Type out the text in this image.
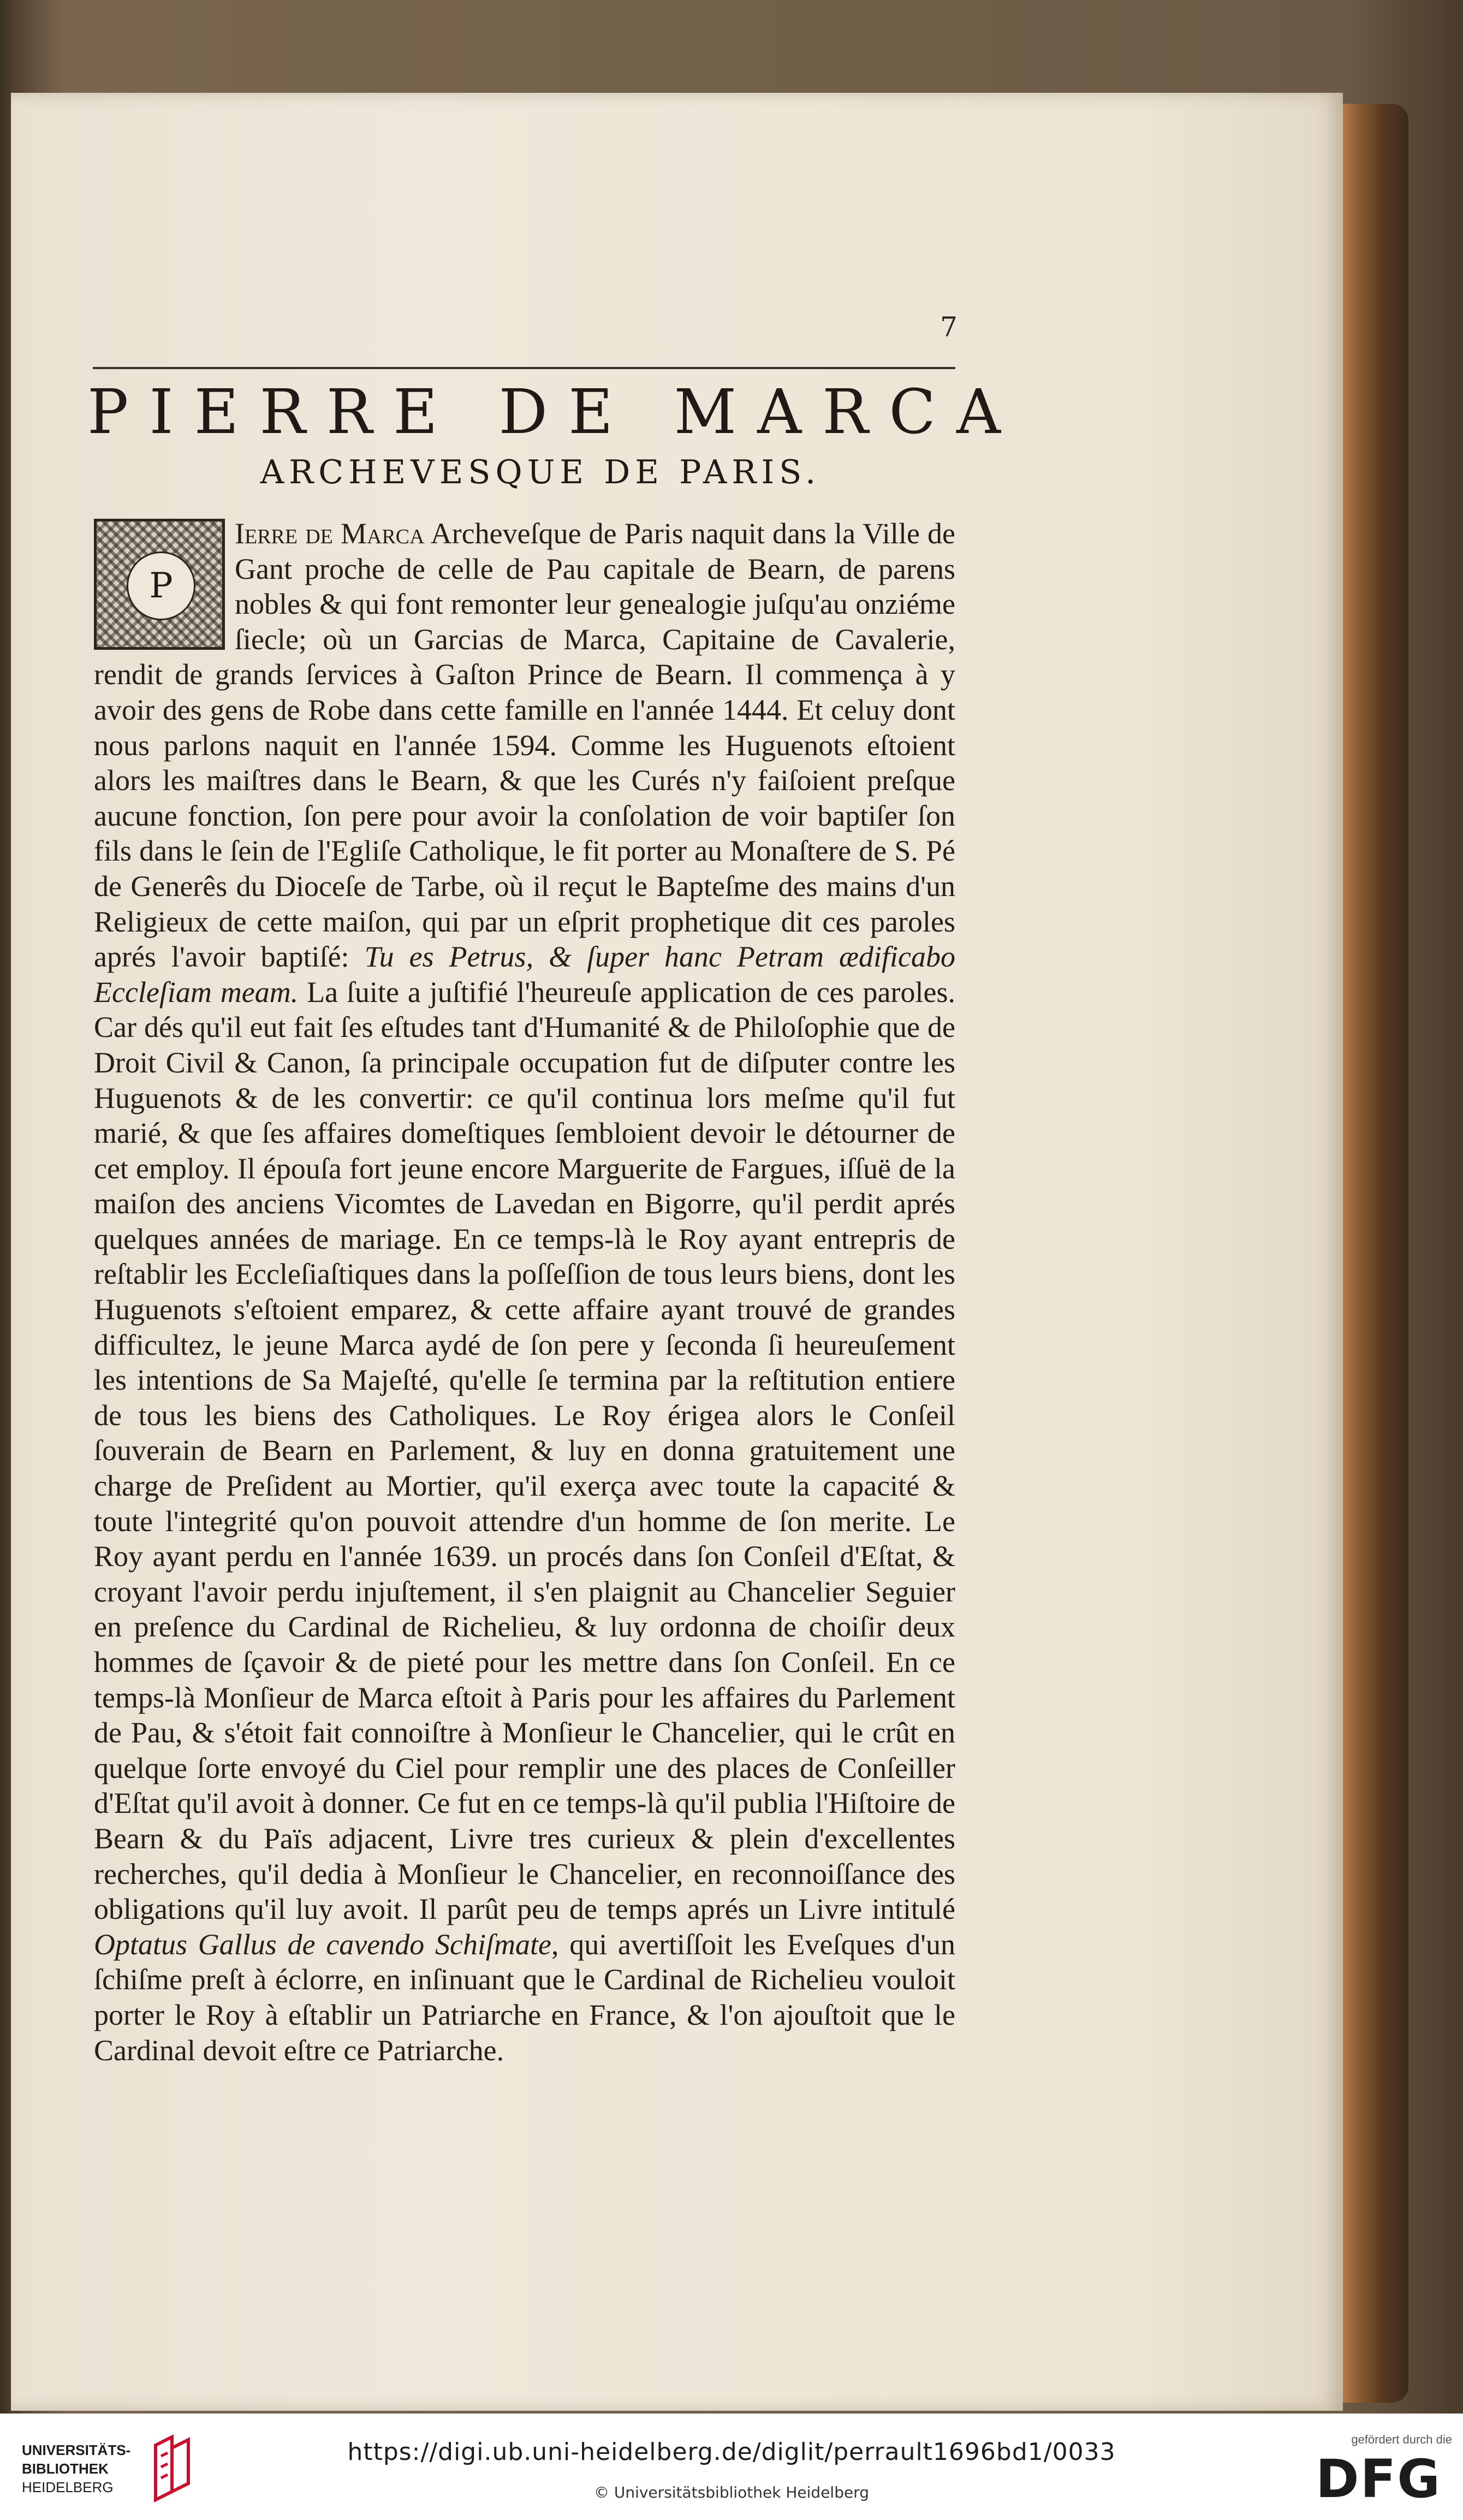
7
PIERRE DE MARCA
ARCHEVESQUE DE PARIS.
P

Ierre de Marca Archeveſque de Paris naquit dans la Ville de Gant proche de celle de Pau capitale de Bearn, de parens nobles & qui font remonter leur genealogie juſqu'au onziéme ſiecle; où un Garcias de Marca, Capitaine de Cavalerie, rendit de grands ſervices à Gaſton Prince de Bearn. Il commença à y avoir des gens de Robe dans cette famille en l'année 1444. Et celuy dont nous parlons naquit en l'année 1594. Comme les Huguenots eſtoient alors les maiſtres dans le Bearn, & que les Curés n'y faiſoient preſque aucune fonction, ſon pere pour avoir la conſolation de voir baptiſer ſon fils dans le ſein de l'Egliſe Catholique, le fit porter au Monaſtere de S. Pé de Generês du Dioceſe de Tarbe, où il reçut le Bapteſme des mains d'un Religieux de cette maiſon, qui par un eſprit prophetique dit ces paroles aprés l'avoir baptiſé: Tu es Petrus, & ſuper hanc Petram ædificabo Eccleſiam meam. La ſuite a juſtifié l'heureuſe application de ces paroles. Car dés qu'il eut fait ſes eſtudes tant d'Humanité & de Philoſophie que de Droit Civil & Canon, ſa principale occupation fut de diſputer contre les Huguenots & de les convertir: ce qu'il continua lors meſme qu'il fut marié, & que ſes affaires domeſtiques ſembloient devoir le détourner de cet employ. Il épouſa fort jeune encore Marguerite de Fargues, iſſuë de la maiſon des anciens Vicomtes de Lavedan en Bigorre, qu'il perdit aprés quelques années de mariage. En ce temps-là le Roy ayant entrepris de reſtablir les Eccleſiaſtiques dans la poſſeſſion de tous leurs biens, dont les Huguenots s'eſtoient emparez, & cette affaire ayant trouvé de grandes difficultez, le jeune Marca aydé de ſon pere y ſeconda ſi heureuſement les intentions de Sa Majeſté, qu'elle ſe termina par la reſtitution entiere de tous les biens des Catholiques. Le Roy érigea alors le Conſeil ſouverain de Bearn en Parlement, & luy en donna gratuitement une charge de Preſident au Mortier, qu'il exerça avec toute la capacité & toute l'integrité qu'on pouvoit attendre d'un homme de ſon merite. Le Roy ayant perdu en l'année 1639. un procés dans ſon Conſeil d'Eſtat, & croyant l'avoir perdu injuſtement, il s'en plaignit au Chancelier Seguier en preſence du Cardinal de Richelieu, & luy ordonna de choiſir deux hommes de ſçavoir & de pieté pour les mettre dans ſon Conſeil. En ce temps-là Monſieur de Marca eſtoit à Paris pour les affaires du Parlement de Pau, & s'étoit fait connoiſtre à Monſieur le Chancelier, qui le crût en quelque ſorte envoyé du Ciel pour remplir une des places de Conſeiller d'Eſtat qu'il avoit à donner. Ce fut en ce temps-là qu'il publia l'Hiſtoire de Bearn & du Païs adjacent, Livre tres curieux & plein d'excellentes recherches, qu'il dedia à Monſieur le Chancelier, en reconnoiſſance des obligations qu'il luy avoit. Il parût peu de temps aprés un Livre intitulé Optatus Gallus de cavendo Schiſmate, qui avertiſſoit les Eveſques d'un ſchiſme preſt à éclorre, en inſinuant que le Cardinal de Richelieu vouloit porter le Roy à eſtablir un Patriarche en France, & l'on ajouſtoit que le Cardinal devoit eſtre ce Patriarche.

UNIVERSITÄTS-
BIBLIOTHEK
HEIDELBERG
https://digi.ub.uni-heidelberg.de/diglit/perrault1696bd1/0033
© Universitätsbibliothek Heidelberg
gefördert durch die
DFG
